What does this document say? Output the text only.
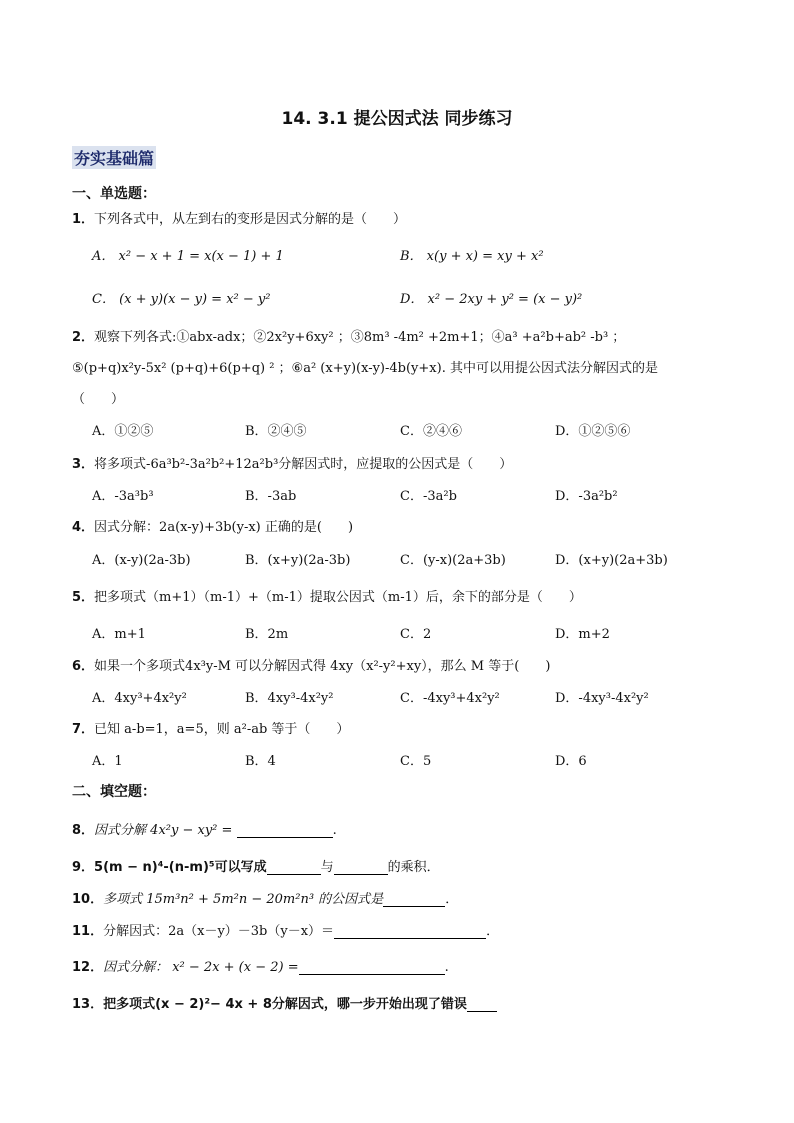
14. 3.1 提公因式法 同步练习
夯实基础篇
一、单选题：
1．下列各式中，从左到右的变形是因式分解的是（　　）
A． x² − x + 1 = x(x − 1) + 1	B． x(y + x) = xy + x²
C． (x + y)(x − y) = x² − y²	D． x² − 2xy + y² = (x − y)²
2．观察下列各式:①abx-adx；②2x²y+6xy² ；③8m³ -4m² +2m+1；④a³ +a²b+ab² -b³ ；
⑤(p+q)x²y-5x² (p+q)+6(p+q) ² ；⑥a² (x+y)(x-y)-4b(y+x). 其中可以用提公因式法分解因式的是
（　　）
A．①②⑤	B．②④⑤	C．②④⑥	D．①②⑤⑥
3．将多项式-6a³b²-3a²b²+12a²b³分解因式时，应提取的公因式是（　　）
A．-3a³b³	B．-3ab	C．-3a²b	D．-3a²b²
4．因式分解：2a(x-y)+3b(y-x) 正确的是(　　)
A．(x-y)(2a-3b)	B．(x+y)(2a-3b)	C．(y-x)(2a+3b)	D．(x+y)(2a+3b)
5．把多项式（m+1）（m-1）+（m-1）提取公因式（m-1）后，余下的部分是（　　）
A．m+1	B．2m	C．2	D．m+2
6．如果一个多项式4x³y-M 可以分解因式得 4xy（x²-y²+xy），那么 M 等于(　　)
A．4xy³+4x²y²	B．4xy³-4x²y²	C．-4xy³+4x²y²	D．-4xy³-4x²y²
7．已知 a-b=1，a=5，则 a²-ab 等于（　　）
A．1	B．4	C．5	D．6
二、填空题：
8．因式分解 4x²y − xy² =	.
9．5(m − n)⁴-(n-m)⁵可以写成	与	的乘积．
10．多项式 15m³n² + 5m²n − 20m²n³ 的公因式是	．
11．分解因式：2a（x－y）－3b（y－x）＝	．
12．因式分解： x² − 2x + (x − 2) =	.
13．把多项式(x − 2)²− 4x + 8分解因式，哪一步开始出现了错误
